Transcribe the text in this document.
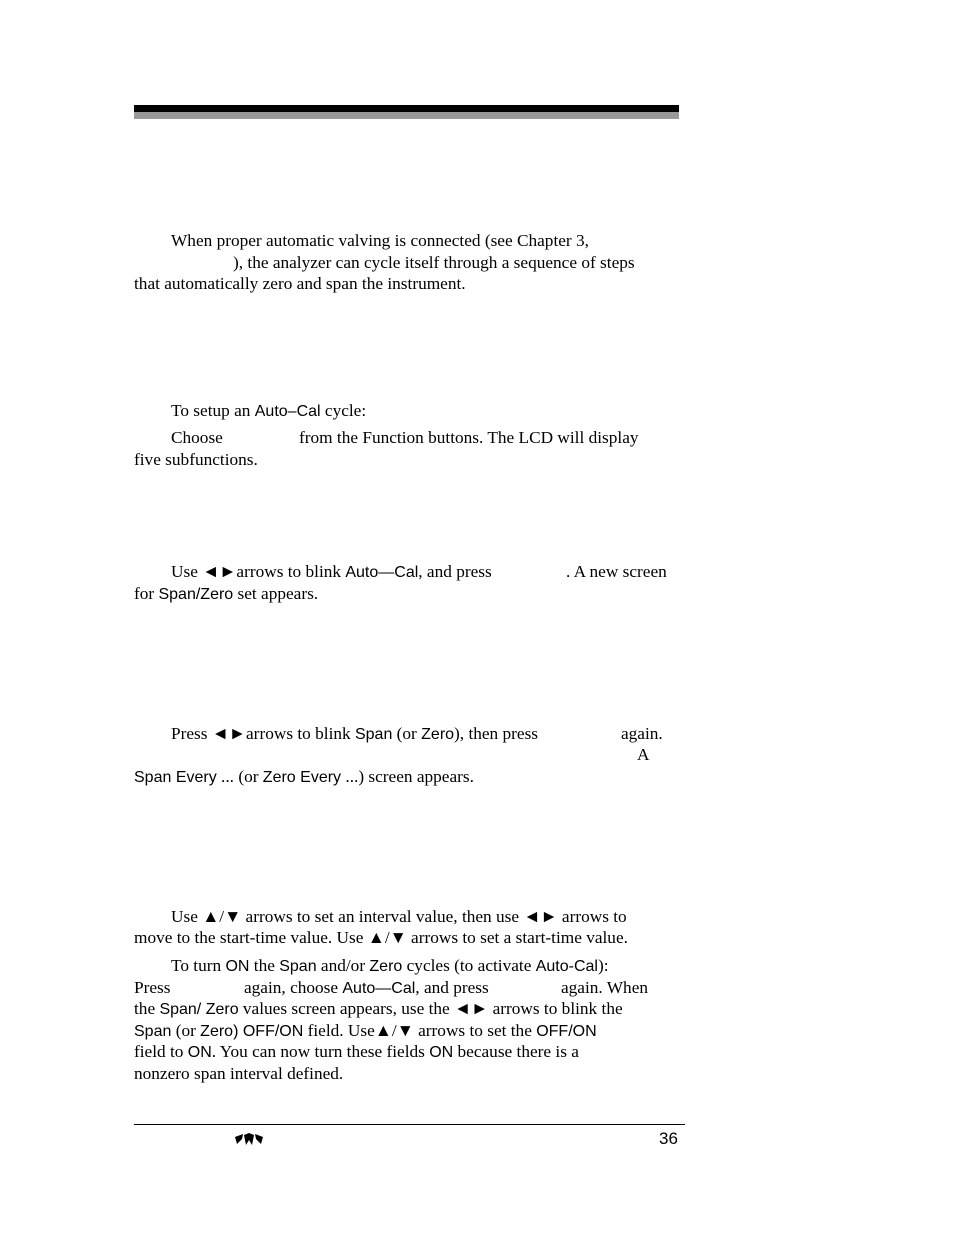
When proper automatic valving is connected (see Chapter 3,
), the analyzer can cycle itself through a sequence of steps
that automatically zero and span the instrument.
To setup an Auto–Cal cycle:
Choose	from the Function buttons. The LCD will display
five subfunctions.
Use ◄►arrows to blink Auto—Cal, and press	. A new screen
for Span/Zero set appears.
Press ◄►arrows to blink Span (or Zero), then press	again.
A
Span Every ... (or Zero Every ...) screen appears.
Use ▲/▼ arrows to set an interval value, then use ◄► arrows to
move to the start-time value. Use ▲/▼ arrows to set a start-time value.
To turn ON the Span and/or Zero cycles (to activate Auto-Cal):
Press	again, choose Auto—Cal, and press	again. When
the Span/ Zero values screen appears, use the ◄► arrows to blink the
Span (or Zero) OFF/ON field. Use▲/▼ arrows to set the OFF/ON
field to ON. You can now turn these fields ON because there is a
nonzero span interval defined.
36
